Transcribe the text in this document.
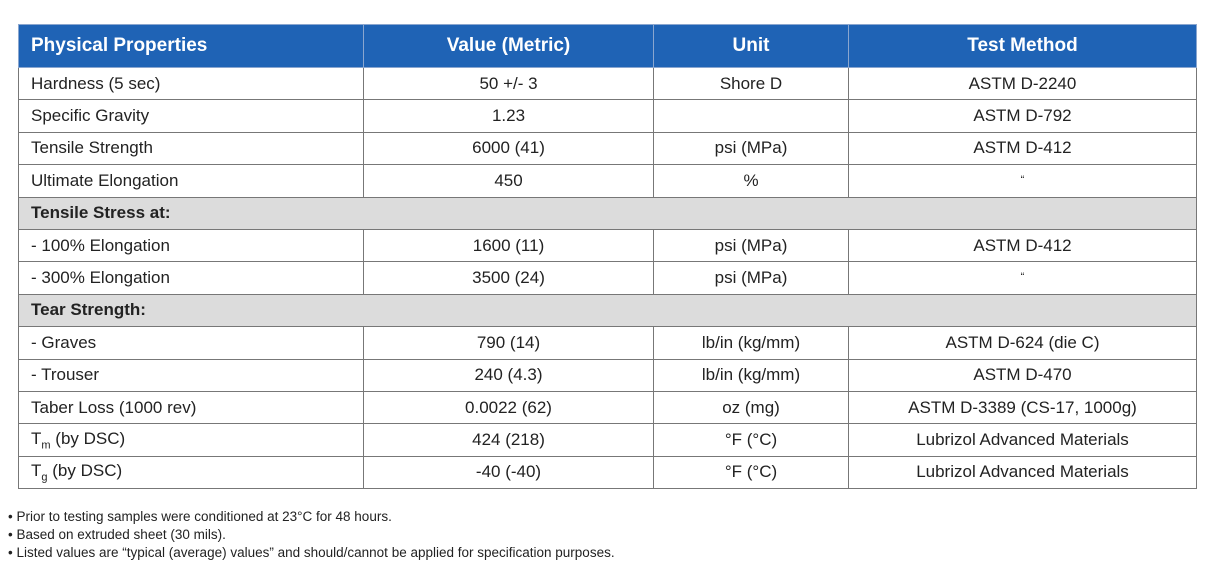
Physical Properties	Value (Metric)	Unit	Test Method
Hardness (5 sec)	50 +/- 3	Shore D	ASTM D-2240
Specific Gravity	1.23		ASTM D-792
Tensile Strength	6000 (41)	psi (MPa)	ASTM D-412
Ultimate Elongation	450	%	“
Tensile Stress at:			
- 100% Elongation	1600 (11)	psi (MPa)	ASTM D-412
- 300% Elongation	3500 (24)	psi (MPa)	“
Tear Strength:			
- Graves	790 (14)	lb/in (kg/mm)	ASTM D-624 (die C)
- Trouser	240 (4.3)	lb/in (kg/mm)	ASTM D-470
Taber Loss (1000 rev)	0.0022 (62)	oz (mg)	ASTM D-3389 (CS-17, 1000g)
$T_m$ (by DSC)	424 (218)	°F (°C)	Lubrizol Advanced Materials
$T_g$ (by DSC)	-40 (-40)	°F (°C)	Lubrizol Advanced Materials
• Prior to testing samples were conditioned at 23°C for 48 hours.
• Based on extruded sheet (30 mils).
• Listed values are “typical (average) values” and should/cannot be applied for specification purposes.
